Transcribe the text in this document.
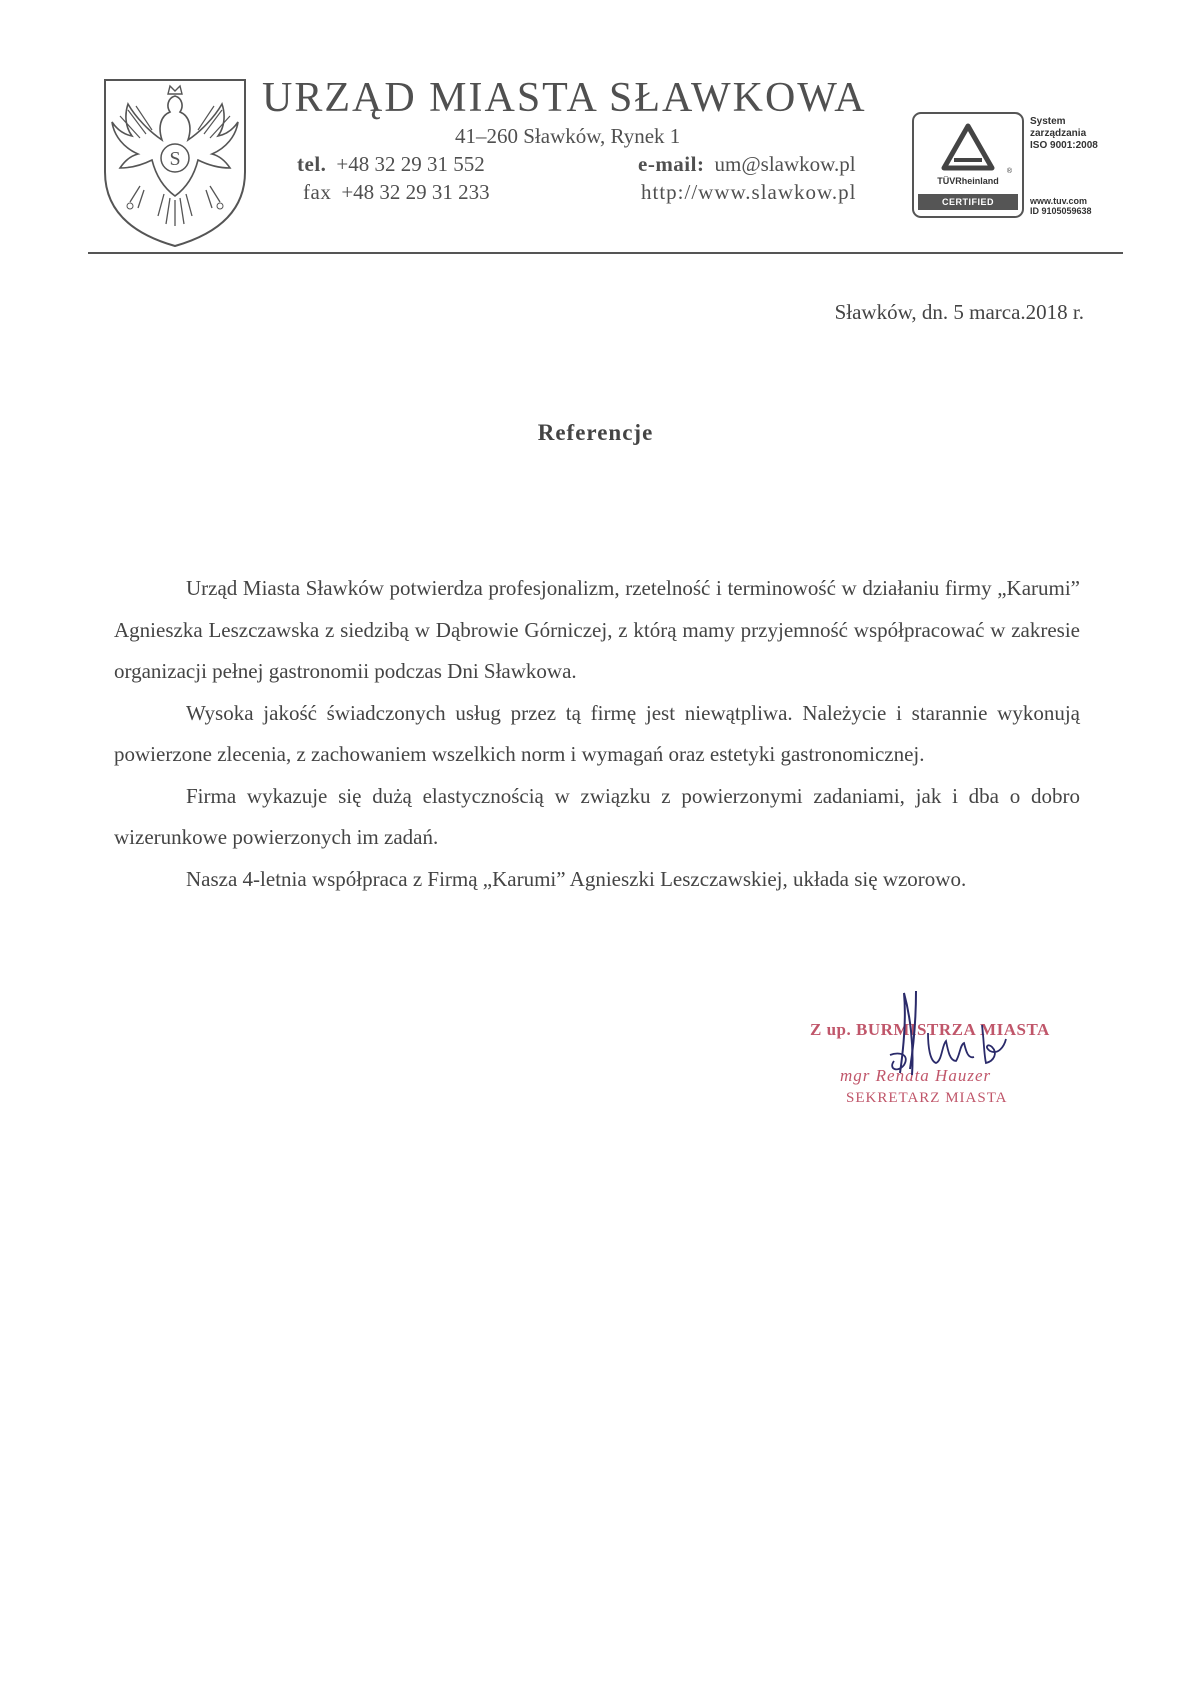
S
URZĄD MIASTA SŁAWKOWA
41–260 Sławków, Rynek 1
tel. +48 32 29 31 552
fax +48 32 29 31 233
e-mail: um@slawkow.pl
http://www.slawkow.pl
®
TÜVRheinland
CERTIFIED
System
zarządzania
ISO 9001:2008
www.tuv.com
ID 9105059638
Sławków, dn. 5 marca.2018 r.
Referencje

Urząd Miasta Sławków potwierdza profesjonalizm, rzetelność i terminowość w działaniu firmy „Karumi” Agnieszka Leszczawska z siedzibą w Dąbrowie Górniczej, z którą mamy przyjemność współpracować w zakresie organizacji pełnej gastronomii podczas Dni Sławkowa.

Wysoka jakość świadczonych usług przez tą firmę jest niewątpliwa. Należycie i starannie wykonują powierzone zlecenia, z zachowaniem wszelkich norm i wymagań oraz estetyki gastronomicznej.

Firma wykazuje się dużą elastycznością w związku z powierzonymi zadaniami, jak i dba o dobro wizerunkowe powierzonych im zadań.

Nasza 4-letnia współpraca z Firmą „Karumi” Agnieszki Leszczawskiej, układa się wzorowo.

Z up. BURMISTRZA MIASTA
mgr Renata Hauzer
SEKRETARZ MIASTA
